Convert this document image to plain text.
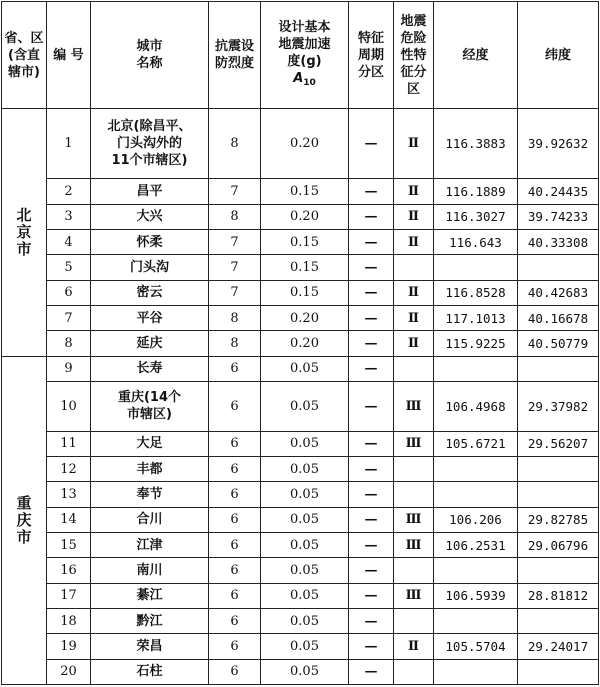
省、区
(含直
辖市)	编 号	城市
名称	抗震设
防烈度	设计基本
地震加速
度(g)
$A_{10}$	特征
周期
分区	地震
危险
性特
征分
区	经度	纬度
北
京
市	1	北京(除昌平、
门头沟外的
11个市辖区)	8	0.20	—	Ⅱ	116.3883	39.92632
	2	昌平	7	0.15	—	Ⅱ	116.1889	40.24435
	3	大兴	8	0.20	—	Ⅱ	116.3027	39.74233
	4	怀柔	7	0.15	—	Ⅱ	116.643	40.33308
	5	门头沟	7	0.15	—			
	6	密云	7	0.15	—	Ⅱ	116.8528	40.42683
	7	平谷	8	0.20	—	Ⅱ	117.1013	40.16678
	8	延庆	8	0.20	—	Ⅱ	115.9225	40.50779
重
庆
市	9	长寿	6	0.05	—			
	10	重庆(14个
市辖区)	6	0.05	—	Ⅲ	106.4968	29.37982
	11	大足	6	0.05	—	Ⅲ	105.6721	29.56207
	12	丰都	6	0.05	—			
	13	奉节	6	0.05	—			
	14	合川	6	0.05	—	Ⅲ	106.206	29.82785
	15	江津	6	0.05	—	Ⅲ	106.2531	29.06796
	16	南川	6	0.05	—			
	17	綦江	6	0.05	—	Ⅲ	106.5939	28.81812
	18	黔江	6	0.05	—			
	19	荣昌	6	0.05	—	Ⅱ	105.5704	29.24017
	20	石柱	6	0.05	—			
